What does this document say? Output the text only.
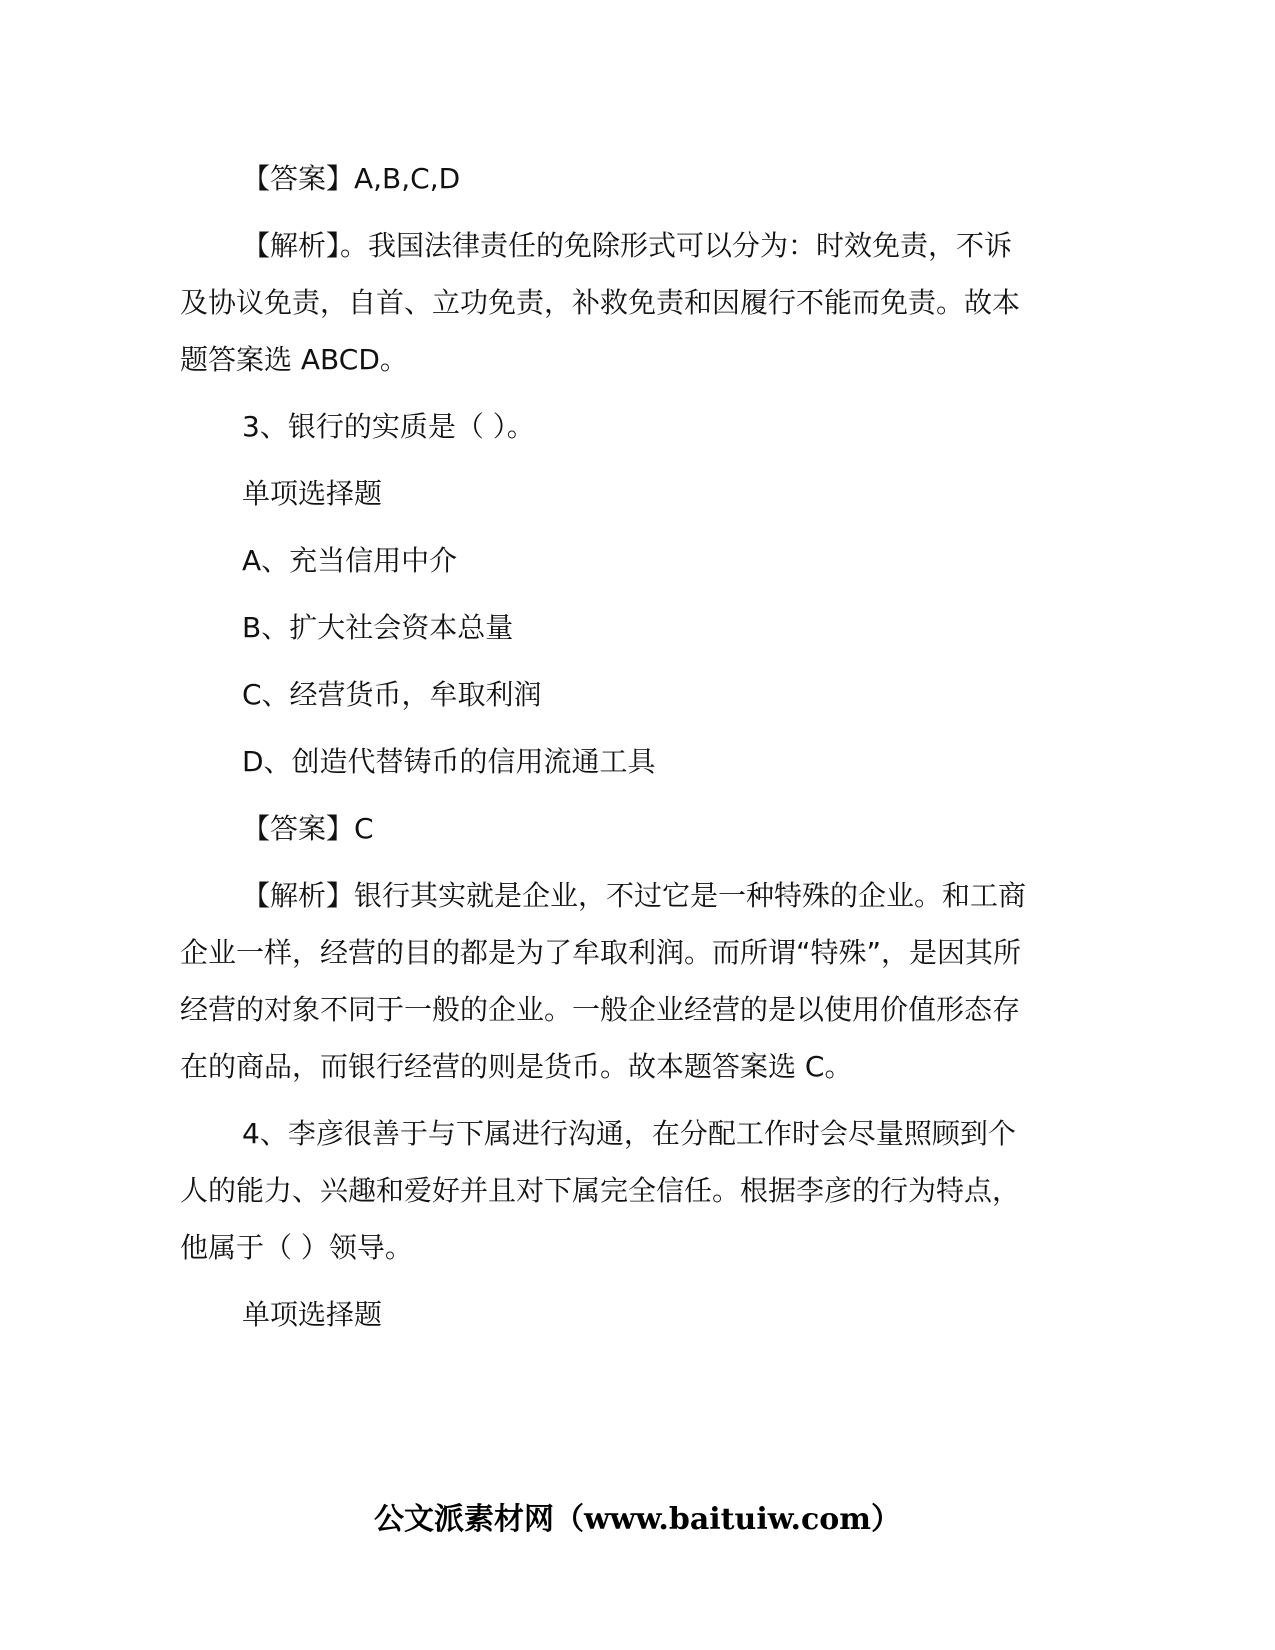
【答案】A,B,C,D

【解析】。我国法律责任的免除形式可以分为：时效免责，不诉及协议免责，自首、立功免责，补救免责和因履行不能而免责。故本题答案选 ABCD。

3、银行的实质是（ ）。

单项选择题

A、充当信用中介

B、扩大社会资本总量

C、经营货币，牟取利润

D、创造代替铸币的信用流通工具

【答案】C

【解析】银行其实就是企业，不过它是一种特殊的企业。和工商企业一样，经营的目的都是为了牟取利润。而所谓“特殊”，是因其所经营的对象不同于一般的企业。一般企业经营的是以使用价值形态存在的商品，而银行经营的则是货币。故本题答案选 C。

4、李彦很善于与下属进行沟通，在分配工作时会尽量照顾到个人的能力、兴趣和爱好并且对下属完全信任。根据李彦的行为特点，他属于（ ）领导。

单项选择题

公文派素材网（www.baituiw.com）
